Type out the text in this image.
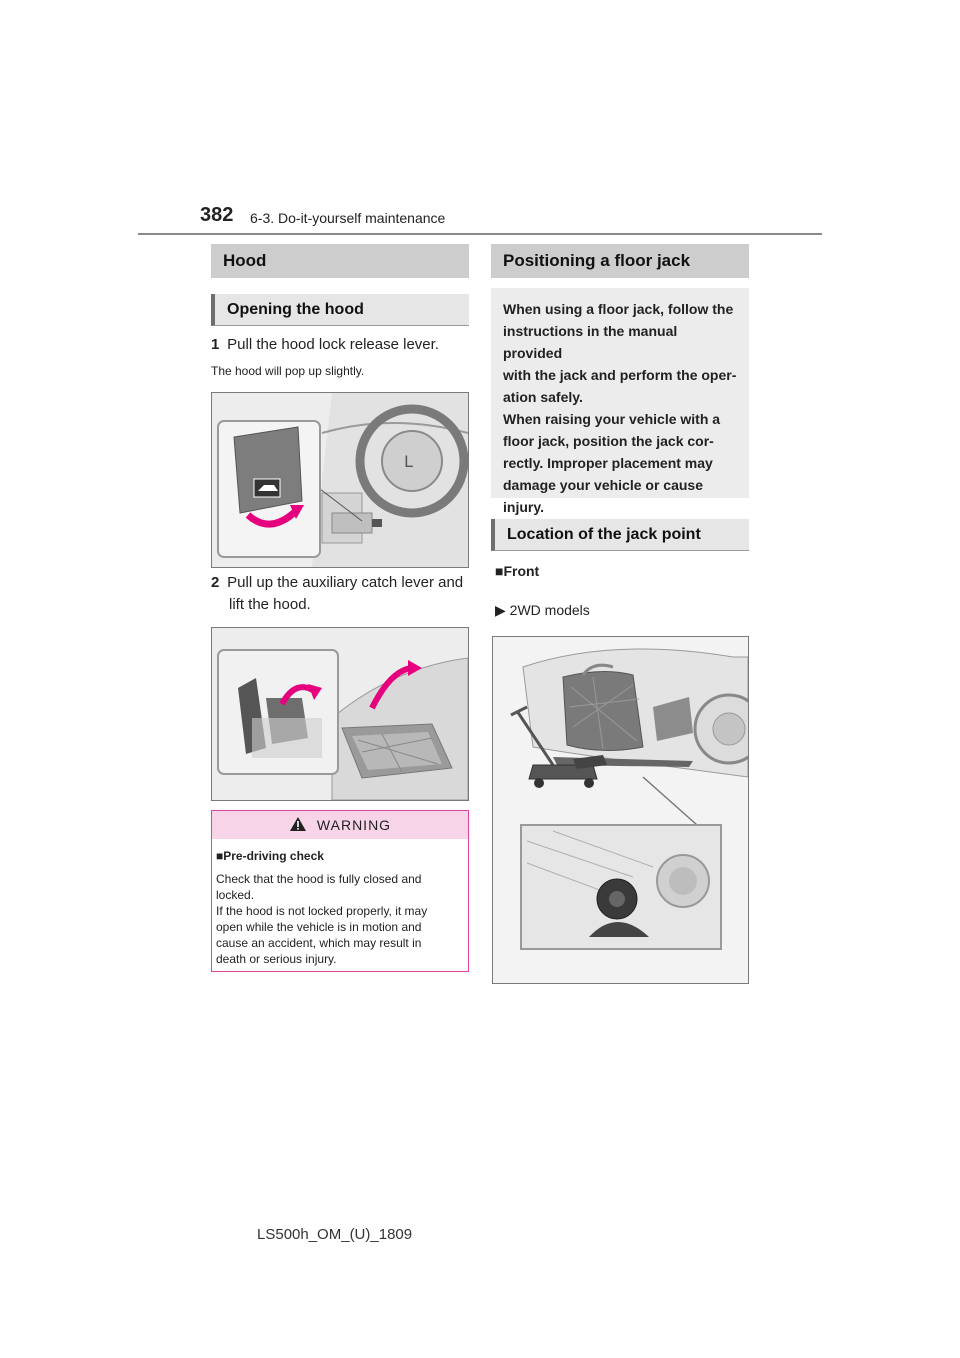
382 6-3. Do-it-yourself maintenance
Hood
Opening the hood
1 Pull the hood lock release lever.
The hood will pop up slightly.
L
2 Pull up the auxiliary catch lever and
lift the hood.
WARNING
■Pre-driving check
Check that the hood is fully closed and
locked.
If the hood is not locked properly, it may
open while the vehicle is in motion and
cause an accident, which may result in
death or serious injury.
Positioning a floor jack

When using a floor jack, follow the

instructions in the manual provided

with the jack and perform the oper-

ation safely.

When raising your vehicle with a

floor jack, position the jack cor-

rectly. Improper placement may

damage your vehicle or cause

injury.

Location of the jack point
■Front
▶ 2WD models
LS500h_OM_(U)_1809
